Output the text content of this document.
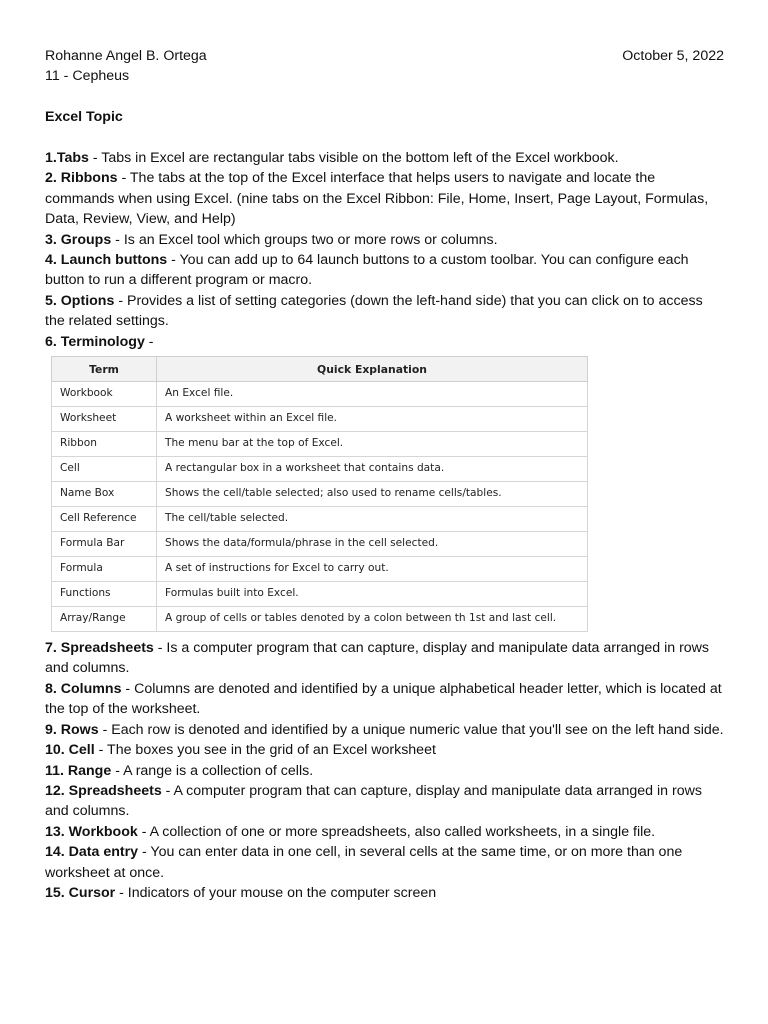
Rohanne Angel B. Ortega	October 5, 2022
11 - Cepheus
Excel Topic

1.Tabs - Tabs in Excel are rectangular tabs visible on the bottom left of the Excel workbook.

2. Ribbons - The tabs at the top of the Excel interface that helps users to navigate and locate the commands when using Excel. (nine tabs on the Excel Ribbon: File, Home, Insert, Page Layout, Formulas, Data, Review, View, and Help)

3. Groups - Is an Excel tool which groups two or more rows or columns.

4. Launch buttons - You can add up to 64 launch buttons to a custom toolbar. You can configure each button to run a different program or macro.

5. Options - Provides a list of setting categories (down the left-hand side) that you can click on to access the related settings.

6. Terminology -

Term	Quick Explanation
Workbook	An Excel file.
Worksheet	A worksheet within an Excel file.
Ribbon	The menu bar at the top of Excel.
Cell	A rectangular box in a worksheet that contains data.
Name Box	Shows the cell/table selected; also used to rename cells/tables.
Cell Reference	The cell/table selected.
Formula Bar	Shows the data/formula/phrase in the cell selected.
Formula	A set of instructions for Excel to carry out.
Functions	Formulas built into Excel.
Array/Range	A group of cells or tables denoted by a colon between th 1st and last cell.

7. Spreadsheets - Is a computer program that can capture, display and manipulate data arranged in rows and columns.

8. Columns - Columns are denoted and identified by a unique alphabetical header letter, which is located at the top of the worksheet.

9. Rows - Each row is denoted and identified by a unique numeric value that you'll see on the left hand side.

10. Cell - The boxes you see in the grid of an Excel worksheet

11. Range - A range is a collection of cells.

12. Spreadsheets - A computer program that can capture, display and manipulate data arranged in rows and columns.

13. Workbook - A collection of one or more spreadsheets, also called worksheets, in a single file.

14. Data entry - You can enter data in one cell, in several cells at the same time, or on more than one worksheet at once.

15. Cursor - Indicators of your mouse on the computer screen
